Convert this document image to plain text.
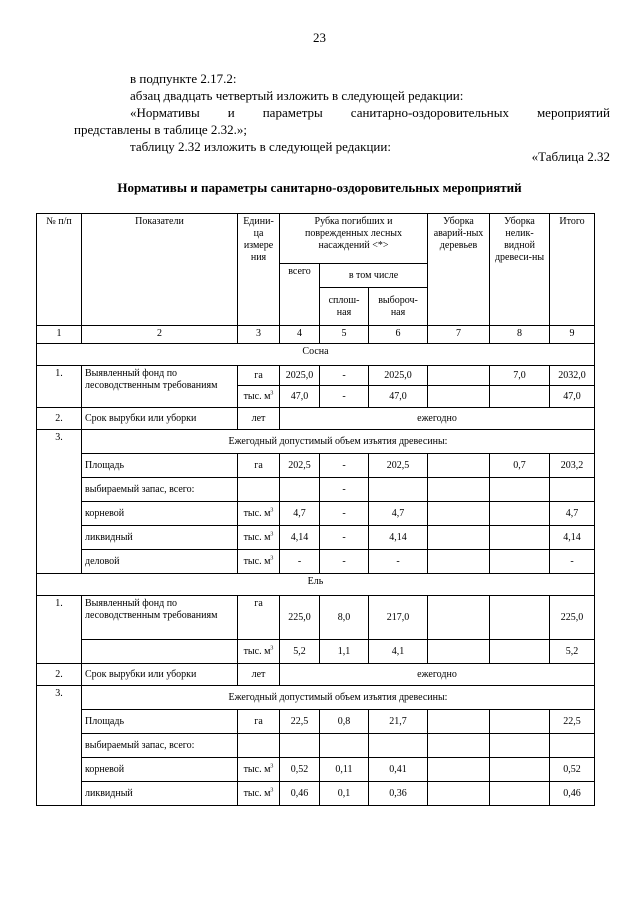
23

в подпункте 2.17.2:

абзац двадцать четвертый изложить в следующей редакции:

«Нормативы и параметры санитарно-оздоровительных мероприятий

представлены в таблице 2.32.»;

таблицу 2.32 изложить в следующей редакции:

«Таблица 2.32
Нормативы и параметры санитарно-оздоровительных мероприятий
№ п/п	Показатели	Едини-ца измере ния	Рубка погибших и поврежденных лесных насаждений <*>			Уборка аварий-ных деревьев	Уборка нелик-видной древеси-ны	Итого
			всего	в том числе				
				сплош-ная	выбороч-ная			
1	2	3	4	5	6	7	8	9
Сосна								
1.	Выявленный фонд по лесоводственным требованиям	га	2025,0	-	2025,0		7,0	2032,0
		тыс. $м^3$	47,0	-	47,0			47,0
2.	Срок вырубки или уборки	лет	ежегодно					
3.	Ежегодный допустимый объем изъятия древесины:							
	Площадь	га	202,5	-	202,5		0,7	203,2
	выбираемый запас, всего:			-				
	корневой	тыс. $м^3$	4,7	-	4,7			4,7
	ликвидный	тыс. $м^3$	4,14	-	4,14			4,14
	деловой	тыс. $м^3$	-	-	-			-
Ель								
1.	Выявленный фонд по лесоводственным требованиям	га	225,0	8,0	217,0			225,0
		тыс. $м^3$	5,2	1,1	4,1			5,2
2.	Срок вырубки или уборки	лет	ежегодно					
3.	Ежегодный допустимый объем изъятия древесины:							
	Площадь	га	22,5	0,8	21,7			22,5
	выбираемый запас, всего:							
	корневой	тыс. $м^3$	0,52	0,11	0,41			0,52
	ликвидный	тыс. $м^3$	0,46	0,1	0,36			0,46
